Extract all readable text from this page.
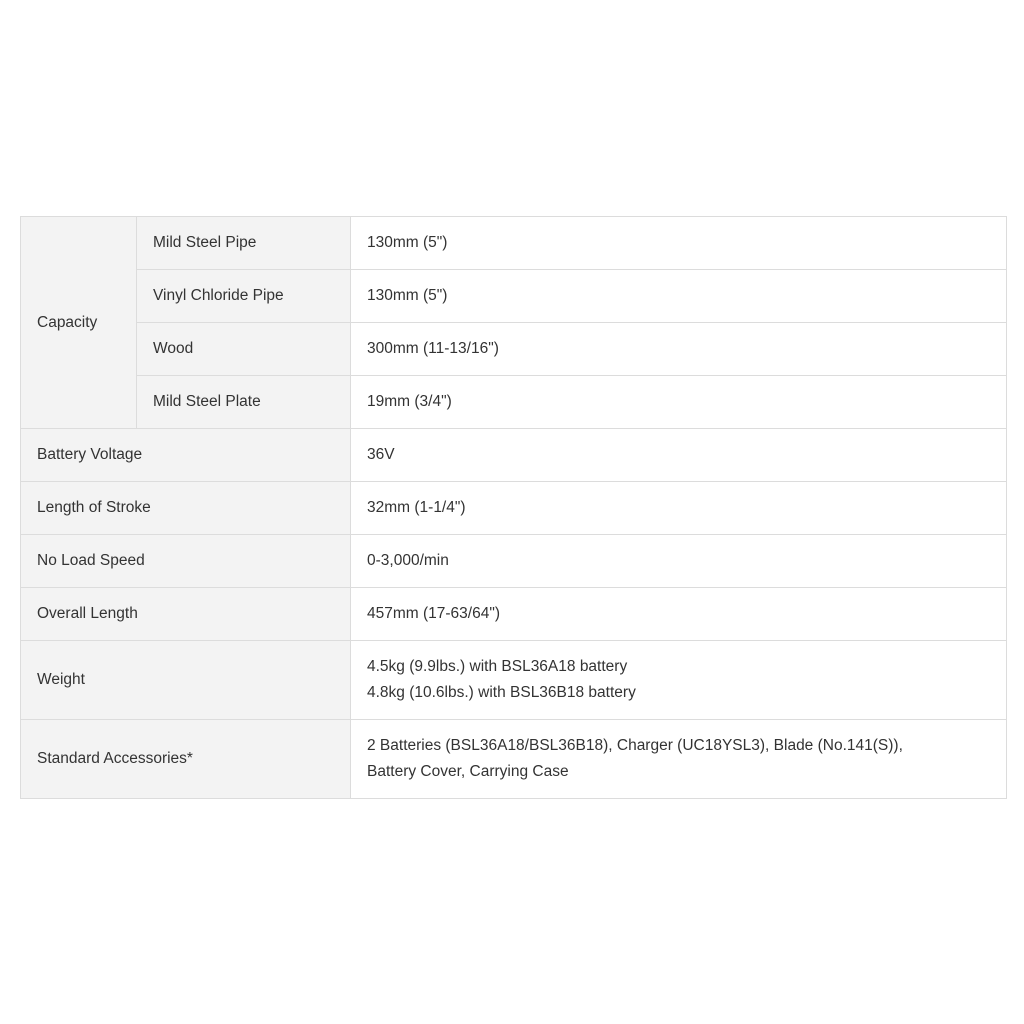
Capacity	Mild Steel Pipe	130mm (5")
	Vinyl Chloride Pipe	130mm (5")
	Wood	300mm (11-13/16")
	Mild Steel Plate	19mm (3/4")
Battery Voltage		36V
Length of Stroke		32mm (1-1/4")
No Load Speed		0-3,000/min
Overall Length		457mm (17-63/64")
Weight		4.5kg (9.9lbs.) with BSL36A18 battery
4.8kg (10.6lbs.) with BSL36B18 battery

Standard Accessories*		2 Batteries (BSL36A18/BSL36B18), Charger (UC18YSL3), Blade (No.141(S)),
Battery Cover, Carrying Case
